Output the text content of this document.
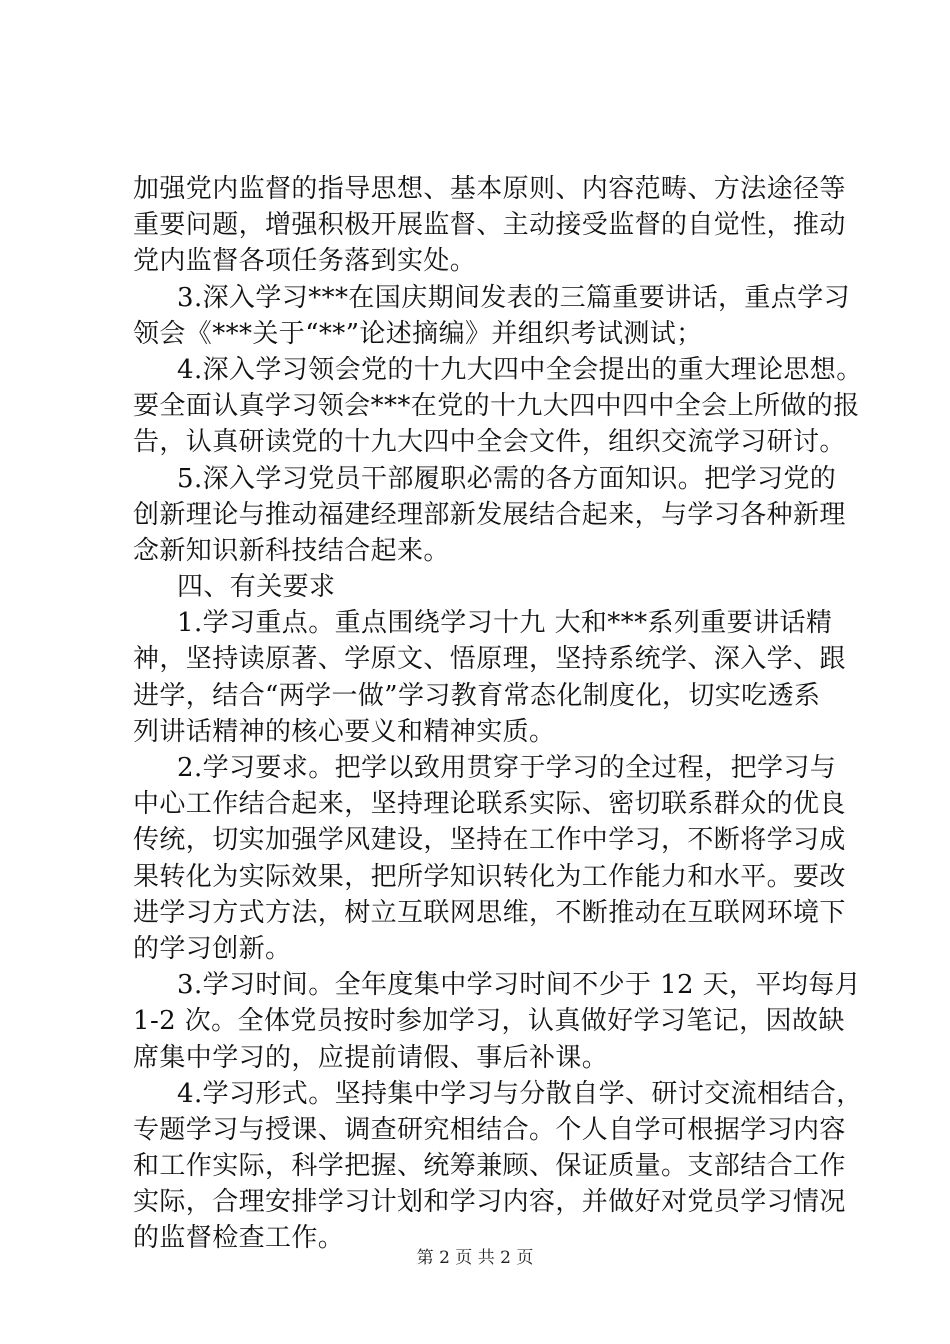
加强党内监督的指导思想、基本原则、内容范畴、方法途径等
重要问题，增强积极开展监督、主动接受监督的自觉性，推动
党内监督各项任务落到实处。
3.深入学习***在国庆期间发表的三篇重要讲话，重点学习
领会《***关于“**”论述摘编》并组织考试测试；
4.深入学习领会党的十九大四中全会提出的重大理论思想。
要全面认真学习领会***在党的十九大四中四中全会上所做的报
告，认真研读党的十九大四中全会文件，组织交流学习研讨。
5.深入学习党员干部履职必需的各方面知识。把学习党的
创新理论与推动福建经理部新发展结合起来，与学习各种新理
念新知识新科技结合起来。
四、有关要求
1.学习重点。重点围绕学习十九 大和***系列重要讲话精
神，坚持读原著、学原文、悟原理，坚持系统学、深入学、跟
进学，结合“两学一做”学习教育常态化制度化，切实吃透系
列讲话精神的核心要义和精神实质。
2.学习要求。把学以致用贯穿于学习的全过程，把学习与
中心工作结合起来，坚持理论联系实际、密切联系群众的优良
传统，切实加强学风建设，坚持在工作中学习，不断将学习成
果转化为实际效果，把所学知识转化为工作能力和水平。要改
进学习方式方法，树立互联网思维，不断推动在互联网环境下
的学习创新。
3.学习时间。全年度集中学习时间不少于 12 天，平均每月
1-2 次。全体党员按时参加学习，认真做好学习笔记，因故缺
席集中学习的，应提前请假、事后补课。
4.学习形式。坚持集中学习与分散自学、研讨交流相结合，
专题学习与授课、调查研究相结合。个人自学可根据学习内容
和工作实际，科学把握、统筹兼顾、保证质量。支部结合工作
实际，合理安排学习计划和学习内容，并做好对党员学习情况
的监督检查工作。
第 2 页 共 2 页
